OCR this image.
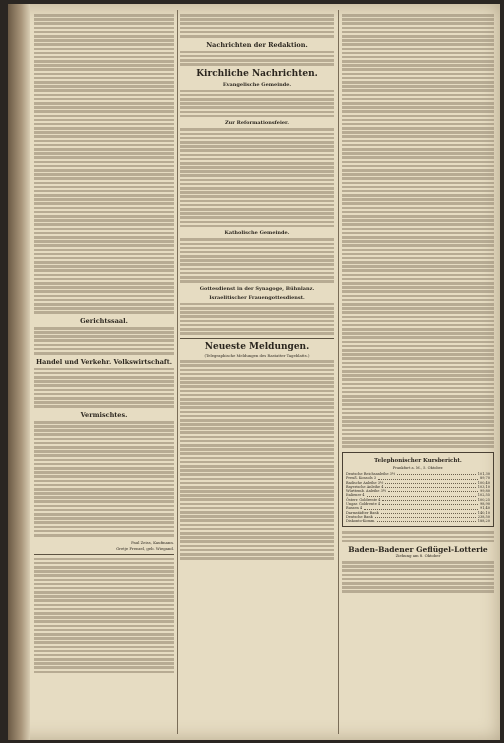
Gerichtssaal.
Handel und Verkehr. Volkswirtschaft.
Vermischtes.
Paul Zeiss, Kaufmann.
Gretje Frenzel, geb. Wiegand.
Nachrichten der Redaktion.
Kirchliche Nachrichten.
Evangelische Gemeinde.
Zur Reformationsfeier.
Katholische Gemeinde.
Gottesdienst in der Synagoge, Bühnlanz.
Israelitischer Frauengottesdienst.
Neueste Meldungen.
(Telegraphische Meldungen des Rastatter Tageblatts.)
Telephonischer Kursbericht.
Frankfurt a. M., 5. Oktober.
Deutsche Reichsanleihe 3½	101,30
Preuß. Konsols 3	89,70
Badische Anleihe 3½	100,40
Bayerische Anleihe 4	103,10
Württemb. Anleihe 3½	99,80
Italiener 4	102,55
Österr. Goldrente 4	100,25
Ungar. Goldrente 4	98,90
Russen 4	91,40
Darmstädter Bank	140,10
Deutsche Bank	238,50
Diskonto-Komm.	188,20
Baden-Badener Geflügel-Lotterie
Ziehung am 8. Oktober
